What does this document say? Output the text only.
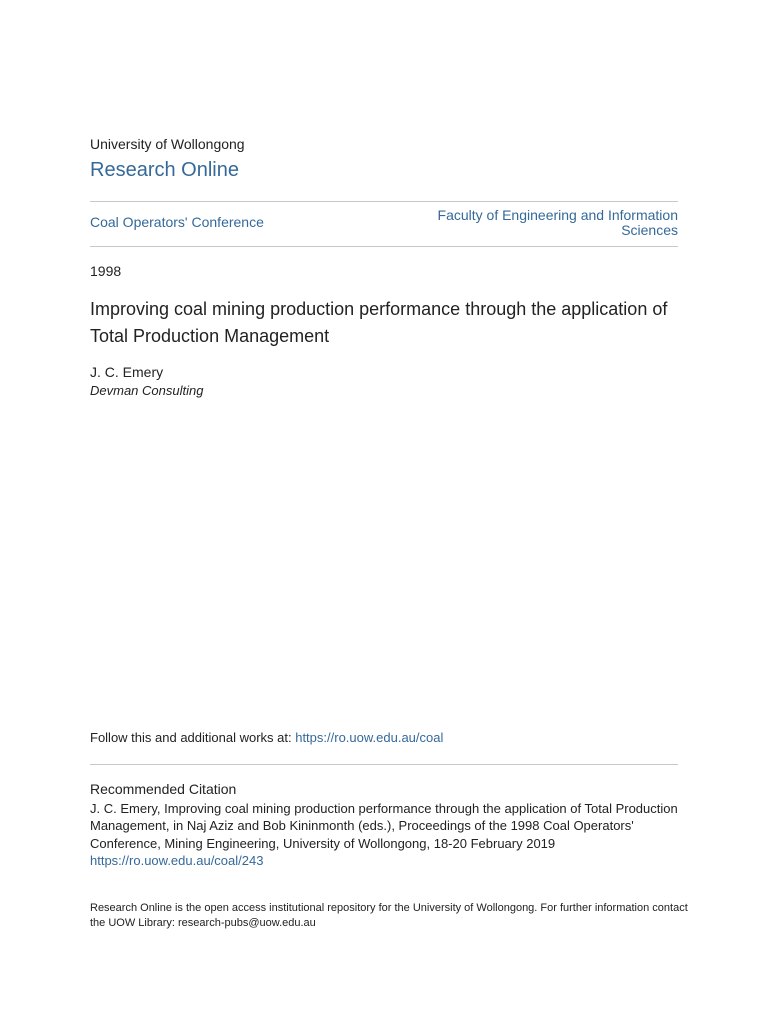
University of Wollongong
Research Online
Coal Operators' Conference	Faculty of Engineering and Information Sciences
1998
Improving coal mining production performance through the application of Total Production Management
J. C. Emery
Devman Consulting
Follow this and additional works at: https://ro.uow.edu.au/coal
Recommended Citation
J. C. Emery, Improving coal mining production performance through the application of Total Production Management, in Naj Aziz and Bob Kininmonth (eds.), Proceedings of the 1998 Coal Operators' Conference, Mining Engineering, University of Wollongong, 18-20 February 2019
https://ro.uow.edu.au/coal/243
Research Online is the open access institutional repository for the University of Wollongong. For further information contact the UOW Library: research-pubs@uow.edu.au
